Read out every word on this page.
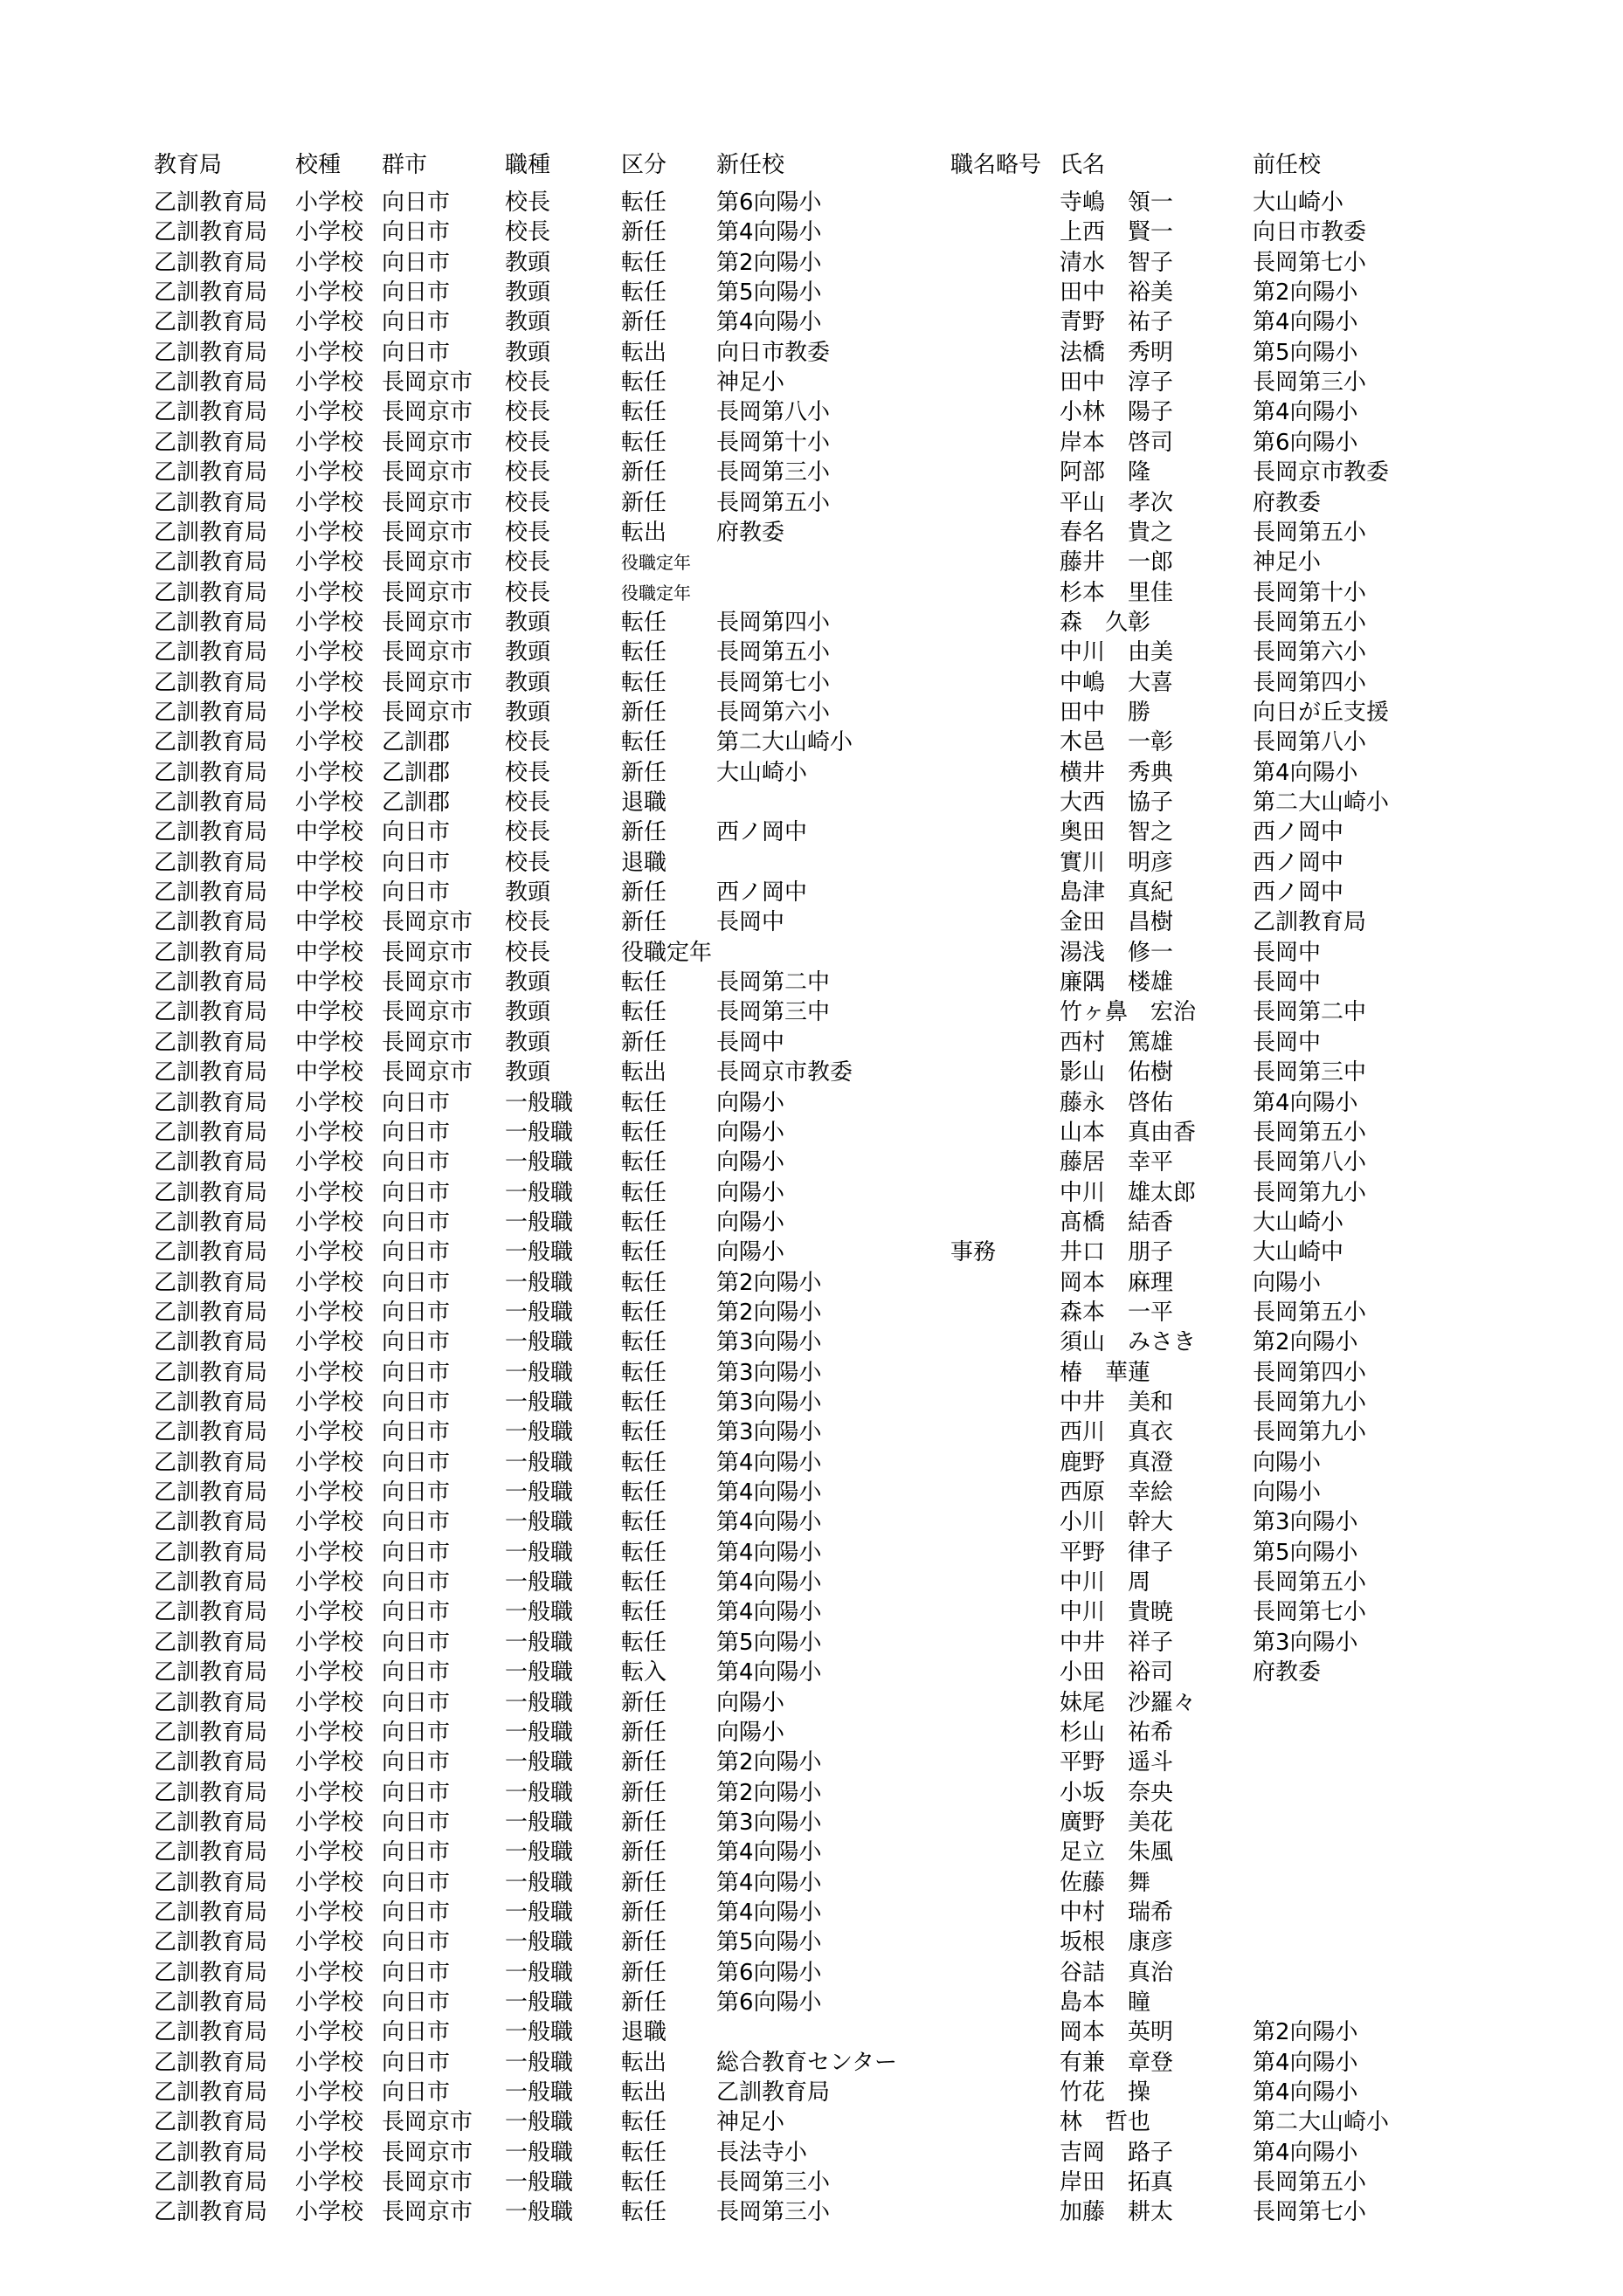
教育局	校種 群市	職種	区分 新任校	職名略号 氏名	前任校
乙訓教育局 小学校 向日市 校長	転任 第6向陽小	寺嶋　領一	大山崎小
乙訓教育局 小学校 向日市 校長	新任 第4向陽小	上西　賢一	向日市教委
乙訓教育局 小学校 向日市 教頭	転任 第2向陽小	清水　智子	長岡第七小
乙訓教育局 小学校 向日市 教頭	転任 第5向陽小	田中　裕美	第2向陽小
乙訓教育局 小学校 向日市 教頭	新任 第4向陽小	青野　祐子	第4向陽小
乙訓教育局 小学校 向日市 教頭	転出 向日市教委	法橋　秀明	第5向陽小
乙訓教育局 小学校 長岡京市 校長	転任 神足小	田中　淳子	長岡第三小
乙訓教育局 小学校 長岡京市 校長	転任 長岡第八小	小林　陽子	第4向陽小
乙訓教育局 小学校 長岡京市 校長	転任 長岡第十小	岸本　啓司	第6向陽小
乙訓教育局 小学校 長岡京市 校長	新任 長岡第三小	阿部　隆	長岡京市教委
乙訓教育局 小学校 長岡京市 校長	新任 長岡第五小	平山　孝次	府教委
乙訓教育局 小学校 長岡京市 校長	転出 府教委	春名　貴之	長岡第五小
乙訓教育局 小学校 長岡京市 校長	役職定年	藤井　一郎	神足小
乙訓教育局 小学校 長岡京市 校長	役職定年	杉本　里佳	長岡第十小
乙訓教育局 小学校 長岡京市 教頭	転任 長岡第四小	森　久彰	長岡第五小
乙訓教育局 小学校 長岡京市 教頭	転任 長岡第五小	中川　由美	長岡第六小
乙訓教育局 小学校 長岡京市 教頭	転任 長岡第七小	中嶋　大喜	長岡第四小
乙訓教育局 小学校 長岡京市 教頭	新任 長岡第六小	田中　勝	向日が丘支援
乙訓教育局 小学校 乙訓郡 校長	転任 第二大山崎小	木邑　一彰	長岡第八小
乙訓教育局 小学校 乙訓郡 校長	新任 大山崎小	横井　秀典	第4向陽小
乙訓教育局 小学校 乙訓郡 校長	退職	大西　協子	第二大山崎小
乙訓教育局 中学校 向日市 校長	新任 西ノ岡中	奥田　智之	西ノ岡中
乙訓教育局 中学校 向日市 校長	退職	實川　明彦	西ノ岡中
乙訓教育局 中学校 向日市 教頭	新任 西ノ岡中	島津　真紀	西ノ岡中
乙訓教育局 中学校 長岡京市 校長	新任 長岡中	金田　昌樹	乙訓教育局
乙訓教育局 中学校 長岡京市 校長	役職定年	湯浅　修一	長岡中
乙訓教育局 中学校 長岡京市 教頭	転任 長岡第二中	廉隅　楼雄	長岡中
乙訓教育局 中学校 長岡京市 教頭	転任 長岡第三中	竹ヶ鼻　宏治 長岡第二中
乙訓教育局 中学校 長岡京市 教頭	新任 長岡中	西村　篤雄	長岡中
乙訓教育局 中学校 長岡京市 教頭	転出 長岡京市教委	影山　佑樹	長岡第三中
乙訓教育局 小学校 向日市 一般職 転任 向陽小	藤永　啓佑	第4向陽小
乙訓教育局 小学校 向日市 一般職 転任 向陽小	山本　真由香 長岡第五小
乙訓教育局 小学校 向日市 一般職 転任 向陽小	藤居　幸平	長岡第八小
乙訓教育局 小学校 向日市 一般職 転任 向陽小	中川　雄太郎 長岡第九小
乙訓教育局 小学校 向日市 一般職 転任 向陽小	髙橋　結香	大山崎小
乙訓教育局 小学校 向日市 一般職 転任 向陽小	事務	井口　朋子	大山崎中
乙訓教育局 小学校 向日市 一般職 転任 第2向陽小	岡本　麻理	向陽小
乙訓教育局 小学校 向日市 一般職 転任 第2向陽小	森本　一平	長岡第五小
乙訓教育局 小学校 向日市 一般職 転任 第3向陽小	須山　みさき 第2向陽小
乙訓教育局 小学校 向日市 一般職 転任 第3向陽小	椿　華蓮	長岡第四小
乙訓教育局 小学校 向日市 一般職 転任 第3向陽小	中井　美和	長岡第九小
乙訓教育局 小学校 向日市 一般職 転任 第3向陽小	西川　真衣	長岡第九小
乙訓教育局 小学校 向日市 一般職 転任 第4向陽小	鹿野　真澄	向陽小
乙訓教育局 小学校 向日市 一般職 転任 第4向陽小	西原　幸絵	向陽小
乙訓教育局 小学校 向日市 一般職 転任 第4向陽小	小川　幹大	第3向陽小
乙訓教育局 小学校 向日市 一般職 転任 第4向陽小	平野　律子	第5向陽小
乙訓教育局 小学校 向日市 一般職 転任 第4向陽小	中川　周	長岡第五小
乙訓教育局 小学校 向日市 一般職 転任 第4向陽小	中川　貴暁	長岡第七小
乙訓教育局 小学校 向日市 一般職 転任 第5向陽小	中井　祥子	第3向陽小
乙訓教育局 小学校 向日市 一般職 転入 第4向陽小	小田　裕司	府教委
乙訓教育局 小学校 向日市 一般職 新任 向陽小	妹尾　沙羅々
乙訓教育局 小学校 向日市 一般職 新任 向陽小	杉山　祐希
乙訓教育局 小学校 向日市 一般職 新任 第2向陽小	平野　遥斗
乙訓教育局 小学校 向日市 一般職 新任 第2向陽小	小坂　奈央
乙訓教育局 小学校 向日市 一般職 新任 第3向陽小	廣野　美花
乙訓教育局 小学校 向日市 一般職 新任 第4向陽小	足立　朱風
乙訓教育局 小学校 向日市 一般職 新任 第4向陽小	佐藤　舞
乙訓教育局 小学校 向日市 一般職 新任 第4向陽小	中村　瑞希
乙訓教育局 小学校 向日市 一般職 新任 第5向陽小	坂根　康彦
乙訓教育局 小学校 向日市 一般職 新任 第6向陽小	谷詰　真治
乙訓教育局 小学校 向日市 一般職 新任 第6向陽小	島本　瞳
乙訓教育局 小学校 向日市 一般職 退職	岡本　英明	第2向陽小
乙訓教育局 小学校 向日市 一般職 転出 総合教育センター	有兼　章登	第4向陽小
乙訓教育局 小学校 向日市 一般職 転出 乙訓教育局	竹花　操	第4向陽小
乙訓教育局 小学校 長岡京市 一般職 転任 神足小	林　哲也	第二大山崎小
乙訓教育局 小学校 長岡京市 一般職 転任 長法寺小	吉岡　路子	第4向陽小
乙訓教育局 小学校 長岡京市 一般職 転任 長岡第三小	岸田　拓真	長岡第五小
乙訓教育局 小学校 長岡京市 一般職 転任 長岡第三小	加藤　耕太	長岡第七小
